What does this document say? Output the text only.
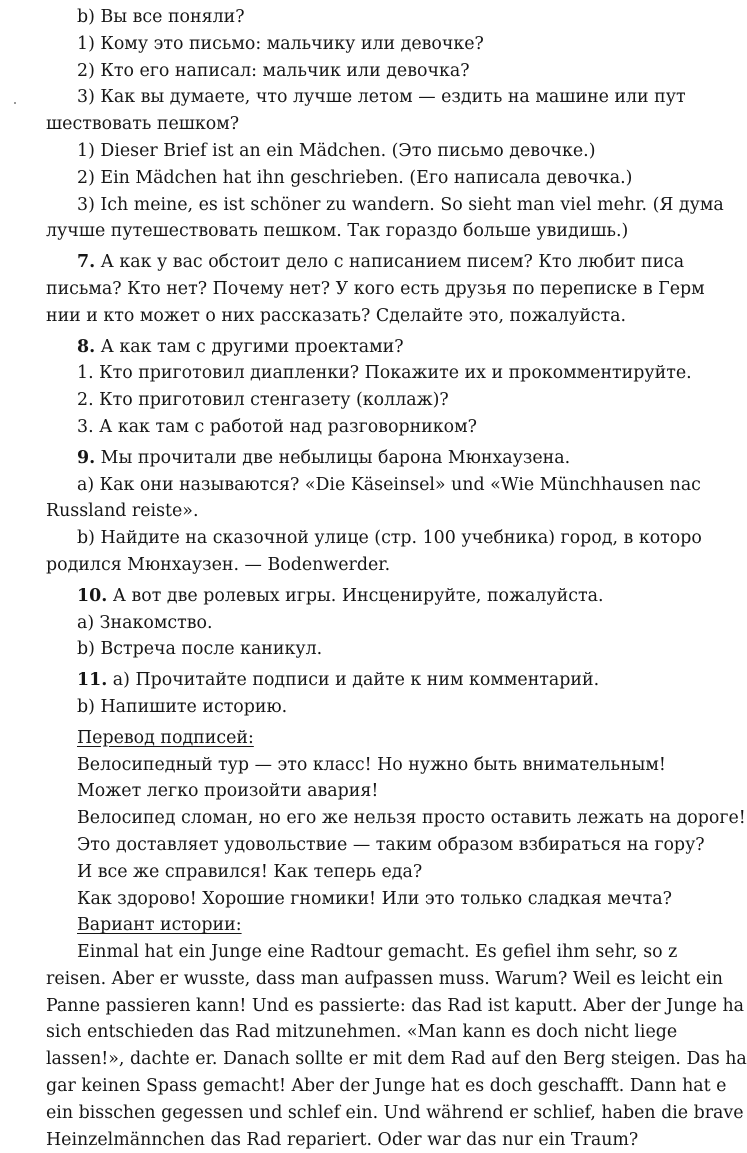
b) Вы все поняли?
1) Кому это письмо: мальчику или девочке?
2) Кто его написал: мальчик или девочка?
3) Как вы думаете, что лучше летом — ездить на машине или пут
шествовать пешком?
1) Dieser Brief ist an ein Mädchen. (Это письмо девочке.)
2) Ein Mädchen hat ihn geschrieben. (Его написала девочка.)
3) Ich meine, es ist schöner zu wandern. So sieht man viel mehr. (Я дума
лучше путешествовать пешком. Так гораздо больше увидишь.)
7. А как у вас обстоит дело с написанием писем? Кто любит писа
письма? Кто нет? Почему нет? У кого есть друзья по переписке в Герм
нии и кто может о них рассказать? Сделайте это, пожалуйста.
8. А как там с другими проектами?
1. Кто приготовил диапленки? Покажите их и прокомментируйте.
2. Кто приготовил стенгазету (коллаж)?
3. А как там с работой над разговорником?
9. Мы прочитали две небылицы барона Мюнхаузена.
a) Как они называются? «Die Käseinsel» und «Wie Münchhausen nac
Russland reiste».
b) Найдите на сказочной улице (стр. 100 учебника) город, в которо
родился Мюнхаузен. — Bodenwerder.
10. А вот две ролевых игры. Инсценируйте, пожалуйста.
a) Знакомство.
b) Встреча после каникул.
11. a) Прочитайте подписи и дайте к ним комментарий.
b) Напишите историю.
Перевод подписей:
Велосипедный тур — это класс! Но нужно быть внимательным!
Может легко произойти авария!
Велосипед сломан, но его же нельзя просто оставить лежать на дороге!
Это доставляет удовольствие — таким образом взбираться на гору?
И все же справился! Как теперь еда?
Как здорово! Хорошие гномики! Или это только сладкая мечта?
Вариант истории:
Einmal hat ein Junge eine Radtour gemacht. Es gefiel ihm sehr, so z
reisen. Aber er wusste, dass man aufpassen muss. Warum? Weil es leicht ein
Panne passieren kann! Und es passierte: das Rad ist kaputt. Aber der Junge ha
sich entschieden das Rad mitzunehmen. «Man kann es doch nicht liege
lassen!», dachte er. Danach sollte er mit dem Rad auf den Berg steigen. Das ha
gar keinen Spass gemacht! Aber der Junge hat es doch geschafft. Dann hat e
ein bisschen gegessen und schlef ein. Und während er schlief, haben die brave
Heinzelmännchen das Rad repariert. Oder war das nur ein Traum?
